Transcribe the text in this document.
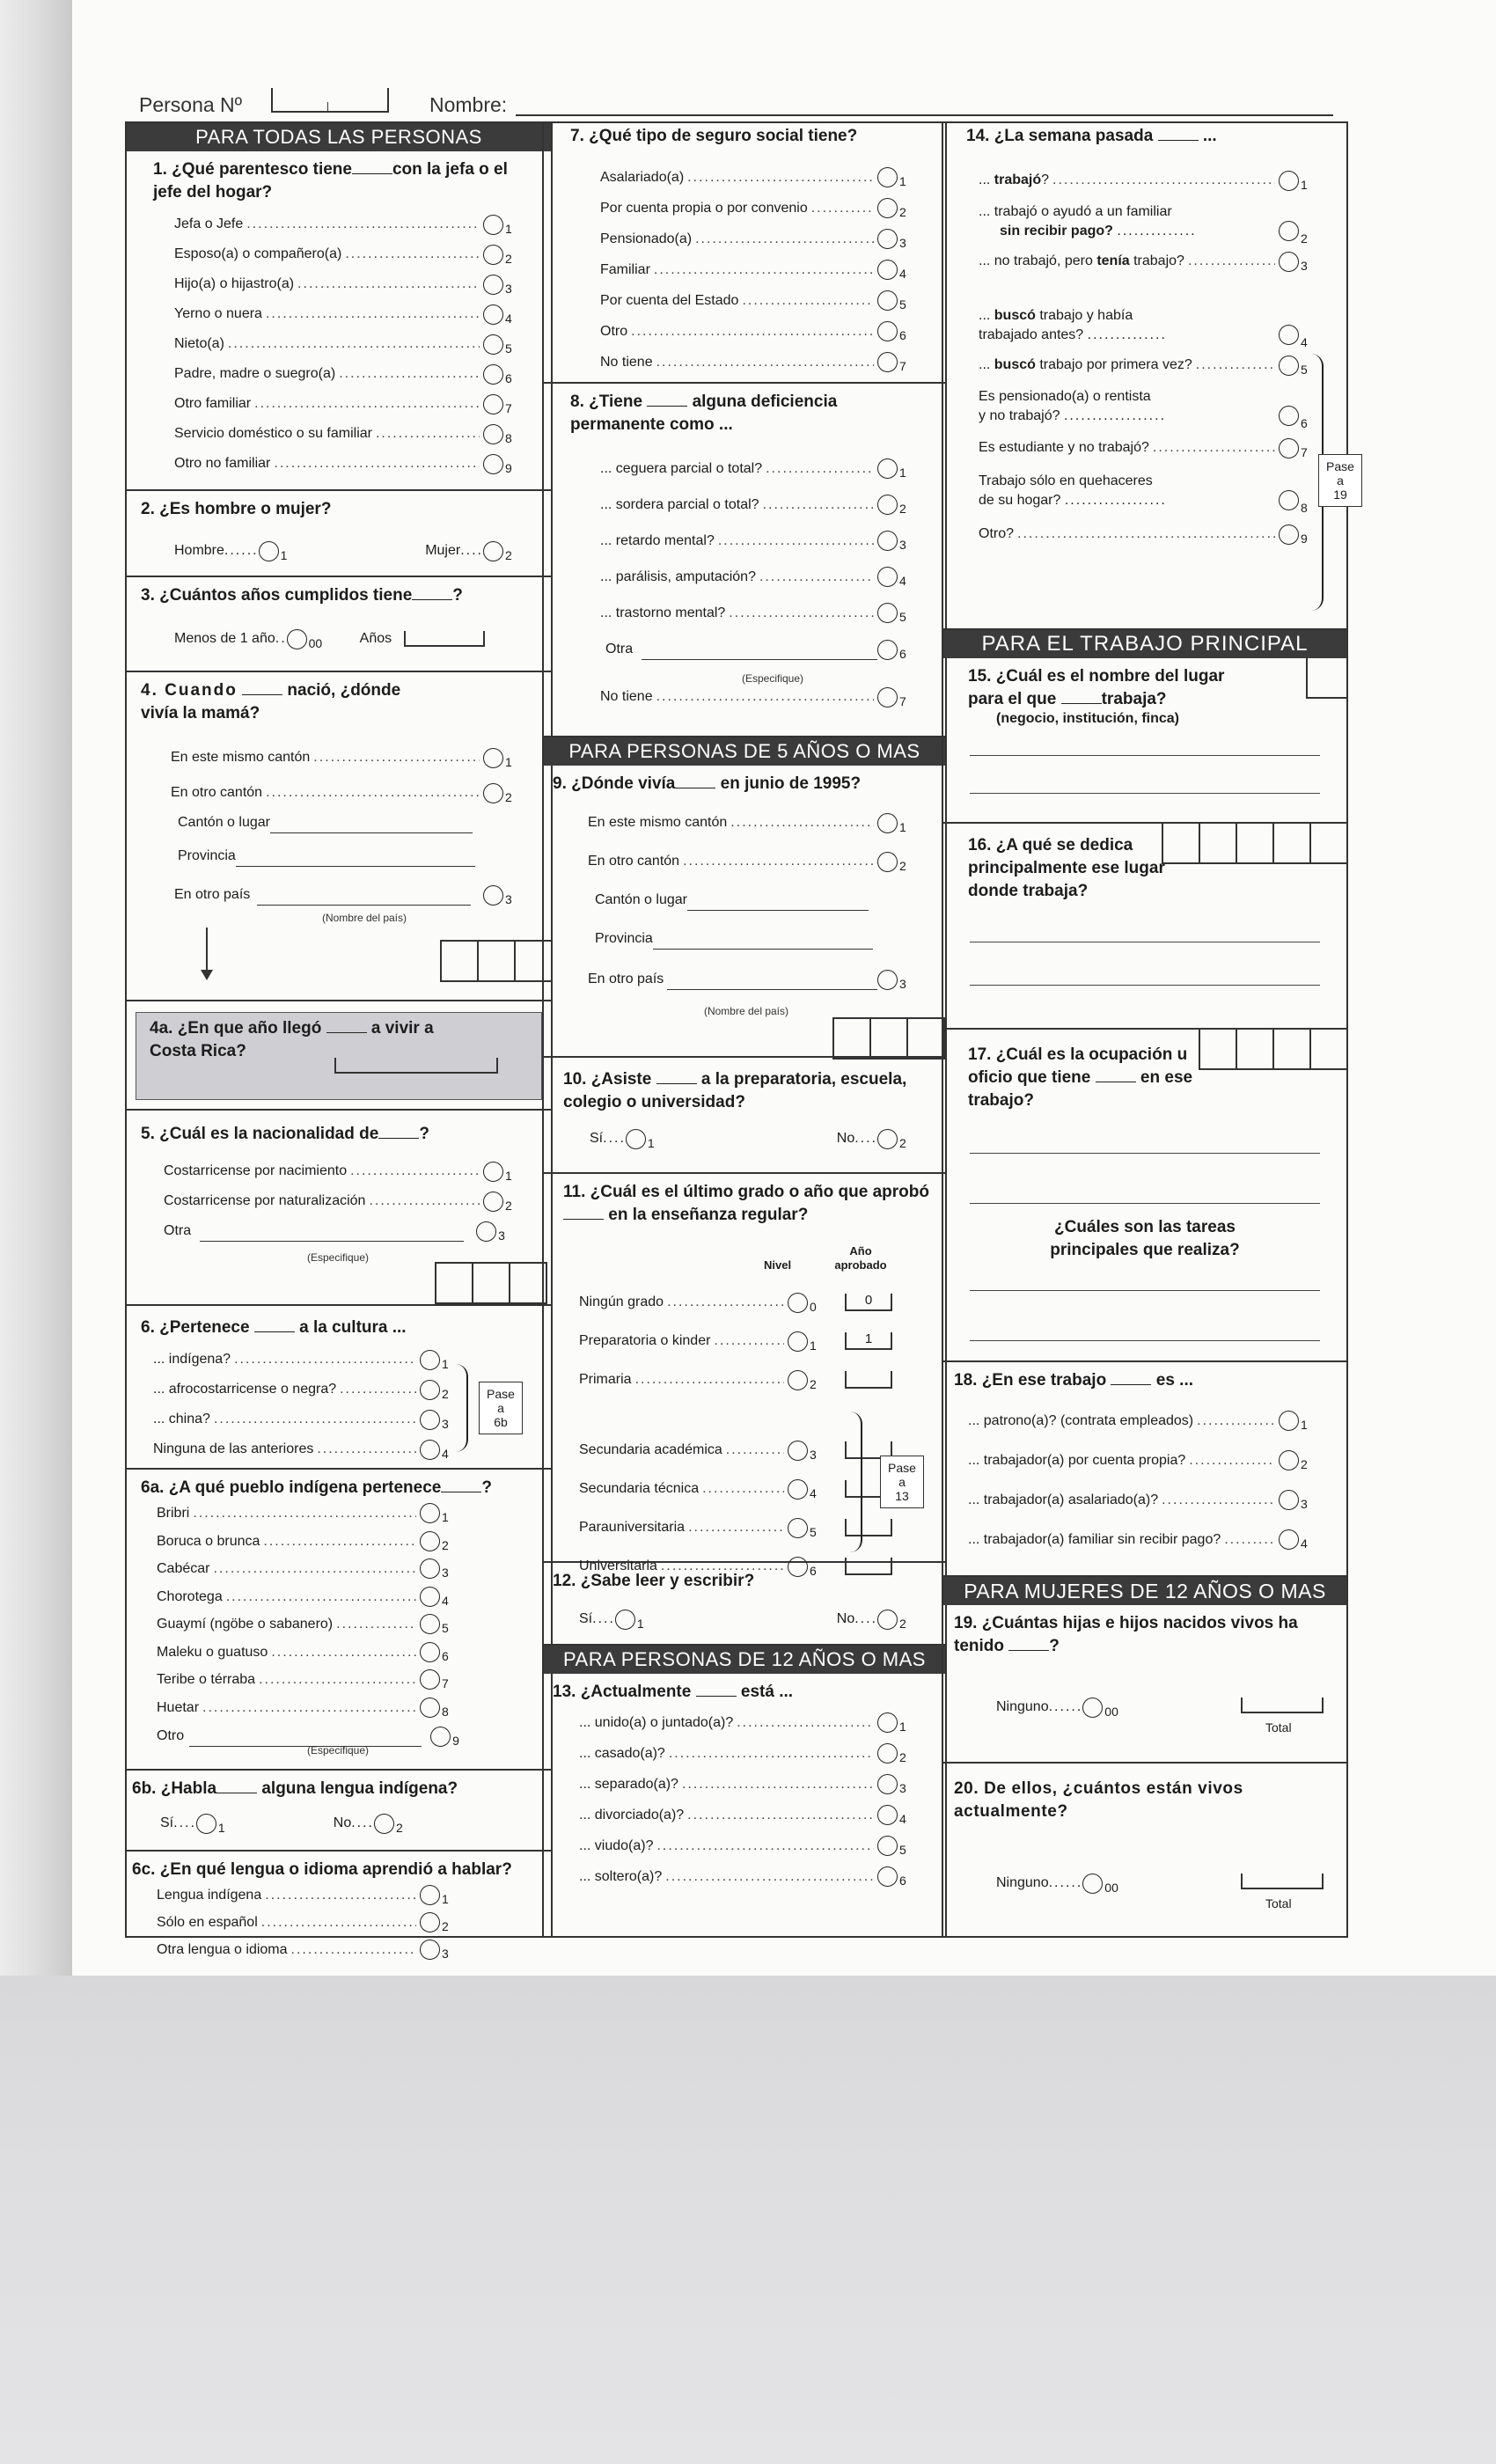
Persona Nº	Nombre:
PARA TODAS LAS PERSONAS
1. ¿Qué parentesco tiene con la jefa o el jefe del hogar?
Jefa o Jefe .....	1
Esposo(a) o compañero(a) .....	2
Hijo(a) o hijastro(a) .....	3
Yerno o nuera .....	4
Nieto(a) .....	5
Padre, madre o suegro(a) .....	6
Otro familiar .....	7
Servicio doméstico o su familiar .....	8
Otro no familiar .....	9
2. ¿Es hombre o mujer?
Hombre ...... 1	Mujer .... 2
3. ¿Cuántos años cumplidos tiene ?
Menos de 1 año .. 00	Años
4. Cuando	nació, ¿dónde vivía la mamá?
En este mismo cantón .....	1
En otro cantón .....	2
Cantón o lugar
Provincia
En otro país	3
(Nombre del país)
4a. ¿En que año llegó	a vivir a Costa Rica?
5. ¿Cuál es la nacionalidad de ?
Costarricense por nacimiento .....	1
Costarricense por naturalización .....	2
Otra	3
(Especifique)
6. ¿Pertenece	a la cultura ...
... indígena? .....	1
... afrocostarricense o negra? .....	2
... china? .....	3
Ninguna de las anteriores .....	4
Pase
a
6b
6a. ¿A qué pueblo indígena pertenece ?
Bribri .....	1
Boruca o brunca .....	2
Cabécar .....	3
Chorotega .....	4
Guaymí (ngöbe o sabanero) .....	5
Maleku o guatuso .....	6
Teribe o térraba .....	7
Huetar .....	8
Otro	9
(Especifique)
6b. ¿Habla	alguna lengua indígena?
Sí .... 1	No .... 2
6c. ¿En qué lengua o idioma aprendió a hablar?
Lengua indígena .....	1
Sólo en español .....	2
Otra lengua o idioma .....	3
7. ¿Qué tipo de seguro social tiene?
Asalariado(a) .....	1
Por cuenta propia o por convenio .....	2
Pensionado(a) .....	3
Familiar .....	4
Por cuenta del Estado .....	5
Otro .....	6
No tiene .....	7
8. ¿Tiene	alguna deficiencia permanente como ...
... ceguera parcial o total? .....	1
... sordera parcial o total? .....	2
... retardo mental? .....	3
... parálisis, amputación? .....	4
... trastorno mental? .....	5
Otra	6
(Especifique)
No tiene .....	7
PARA PERSONAS DE 5 AÑOS O MAS
9. ¿Dónde vivía	en junio de 1995?
En este mismo cantón .....	1
En otro cantón .....	2
Cantón o lugar
Provincia
En otro país	3
(Nombre del país)
10. ¿Asiste	a la preparatoria, escuela, colegio o universidad?
Sí .... 1	No .... 2
11. ¿Cuál es el último grado o año que aprobó  en la enseñanza regular?
Nivel
Año
aprobado
Ningún grado .....	0	0
Preparatoria o kinder .....	1	1
Primaria .....	2
Secundaria académica .....	3
Secundaria técnica .....	4
Parauniversitaria .....	5
Universitaria .....	6
Pase
a
13
12. ¿Sabe leer y escribir?
Sí .... 1	No .... 2
PARA PERSONAS DE 12 AÑOS O MAS
13. ¿Actualmente	está ...
... unido(a) o juntado(a)? .....	1
... casado(a)? .....	2
... separado(a)? .....	3
... divorciado(a)? .....	4
... viudo(a)? .....	5
... soltero(a)? .....	6
14. ¿La semana pasada	...
... trabajó? .....	1
... trabajó o ayudó a un familiar
sin recibir pago? ..............	2
... no trabajó, pero tenía trabajo? .....	3
... buscó trabajo y había
trabajado antes? ..............	4
... buscó trabajo por primera vez? .....	5
Es pensionado(a) o rentista
y no trabajó? ..................	6
Es estudiante y no trabajó? .....	7
Trabajo sólo en quehaceres
de su hogar? ..................	8
Otro? .....	9
Pase
a
19
PARA EL TRABAJO PRINCIPAL
15. ¿Cuál es el nombre del lugar para el que	trabaja?
(negocio, institución, finca)
16. ¿A qué se dedica principalmente ese lugar donde trabaja?
17. ¿Cuál es la ocupación u oficio que tiene	en ese trabajo?
¿Cuáles son las tareas principales que realiza?
18. ¿En ese trabajo	es ...
... patrono(a)? (contrata empleados) .....	1
... trabajador(a) por cuenta propia? .....	2
... trabajador(a) asalariado(a)? .....	3
... trabajador(a) familiar sin recibir pago? .....	4
PARA MUJERES DE 12 AÑOS O MAS
19. ¿Cuántas hijas e hijos nacidos vivos ha tenido	?
Ninguno ...... 00
Total
20. De ellos, ¿cuántos están vivos actualmente?
Ninguno ...... 00
Total
